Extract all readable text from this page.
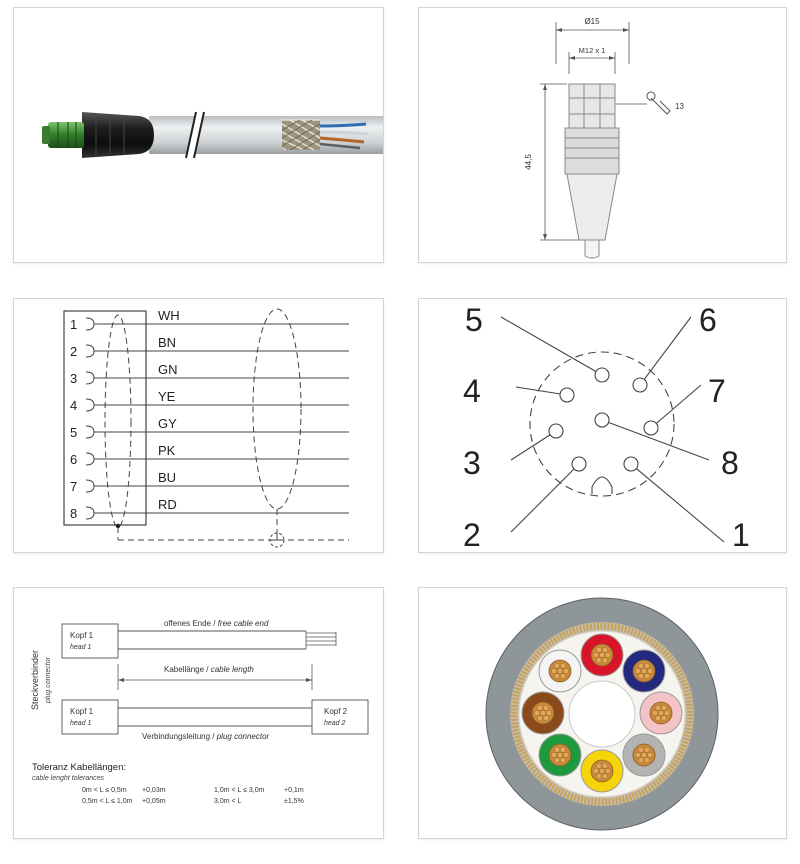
Ø15
M12 x 1
44,5
13
1
WH
2
BN
3
GN
4
YE
5
GY
6
PK
7
BU
8
RD
1
2
3
4
5	6
7
8
Steckverbinder plug connector
Kopf 1
head 1
offenes Ende / free cable end
Kabellänge / cable length
Kopf 1
head 1
Kopf 2
head 2
Verbindungsleitung / plug connector
Toleranz Kabellängen:
cable lenght tolerances
0m < L ≤ 0,5m +0,03m
0,5m < L ≤ 1,0m +0,05m
1,0m < L ≤ 3,0m	+0,1m
3,0m < L	±1,5%
